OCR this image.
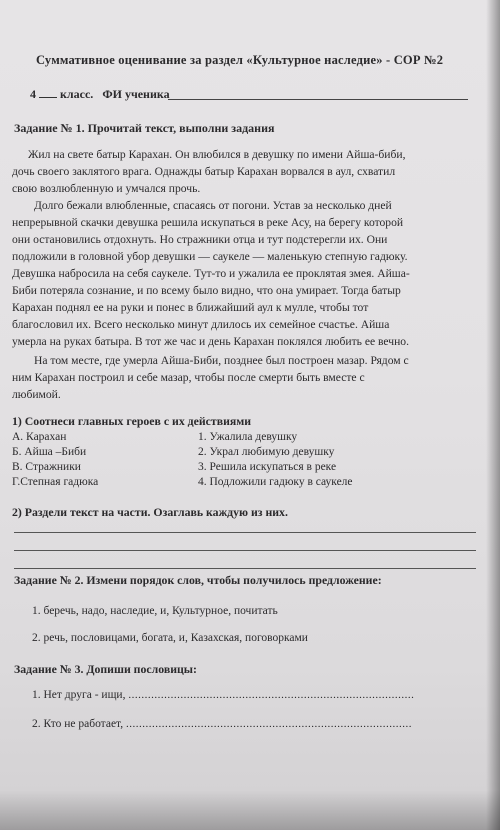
Суммативное оценивание за раздел «Культурное наследие» - СОР №2
4 класс. ФИ ученика
Задание № 1. Прочитай текст, выполни задания
Жил на свете батыр Карахан. Он влюбился в девушку по имени Айша-биби,
дочь своего заклятого врага. Однажды батыр Карахан ворвался в аул, схватил
свою возлюбленную и умчался прочь.
Долго бежали влюбленные, спасаясь от погони. Устав за несколько дней
непрерывной скачки девушка решила искупаться в реке Асу, на берегу которой
они остановились отдохнуть. Но стражники отца и тут подстерегли их. Они
подложили в головной убор девушки — саукеле — маленькую степную гадюку.
Девушка набросила на себя саукеле. Тут-то и ужалила ее проклятая змея. Айша-
Биби потеряла сознание, и по всему было видно, что она умирает. Тогда батыр
Карахан поднял ее на руки и понес в ближайший аул к мулле, чтобы тот
благословил их. Всего несколько минут длилось их семейное счастье. Айша
умерла на руках батыра. В тот же час и день Карахан поклялся любить ее вечно.
На том месте, где умерла Айша-Биби, позднее был построен мазар. Рядом с
ним Карахан построил и себе мазар, чтобы после смерти быть вместе с
любимой.
1) Соотнеси главных героев с их действиями
А. Карахан
Б. Айша –Биби
В. Стражники
Г.Степная гадюка
1. Ужалила девушку
2. Украл любимую девушку
3. Решила искупаться в реке
4. Подложили гадюку в саукеле
2) Раздели текст на части. Озаглавь каждую из них.
Задание № 2. Измени порядок слов, чтобы получилось предложение:
1. беречь, надо, наследие, и, Культурное, почитать
2. речь, пословицами, богата, и, Казахская, поговорками
Задание № 3. Допиши пословицы:
1. Нет друга - ищи, ........................................................................................
2. Кто не работает, ........................................................................................
